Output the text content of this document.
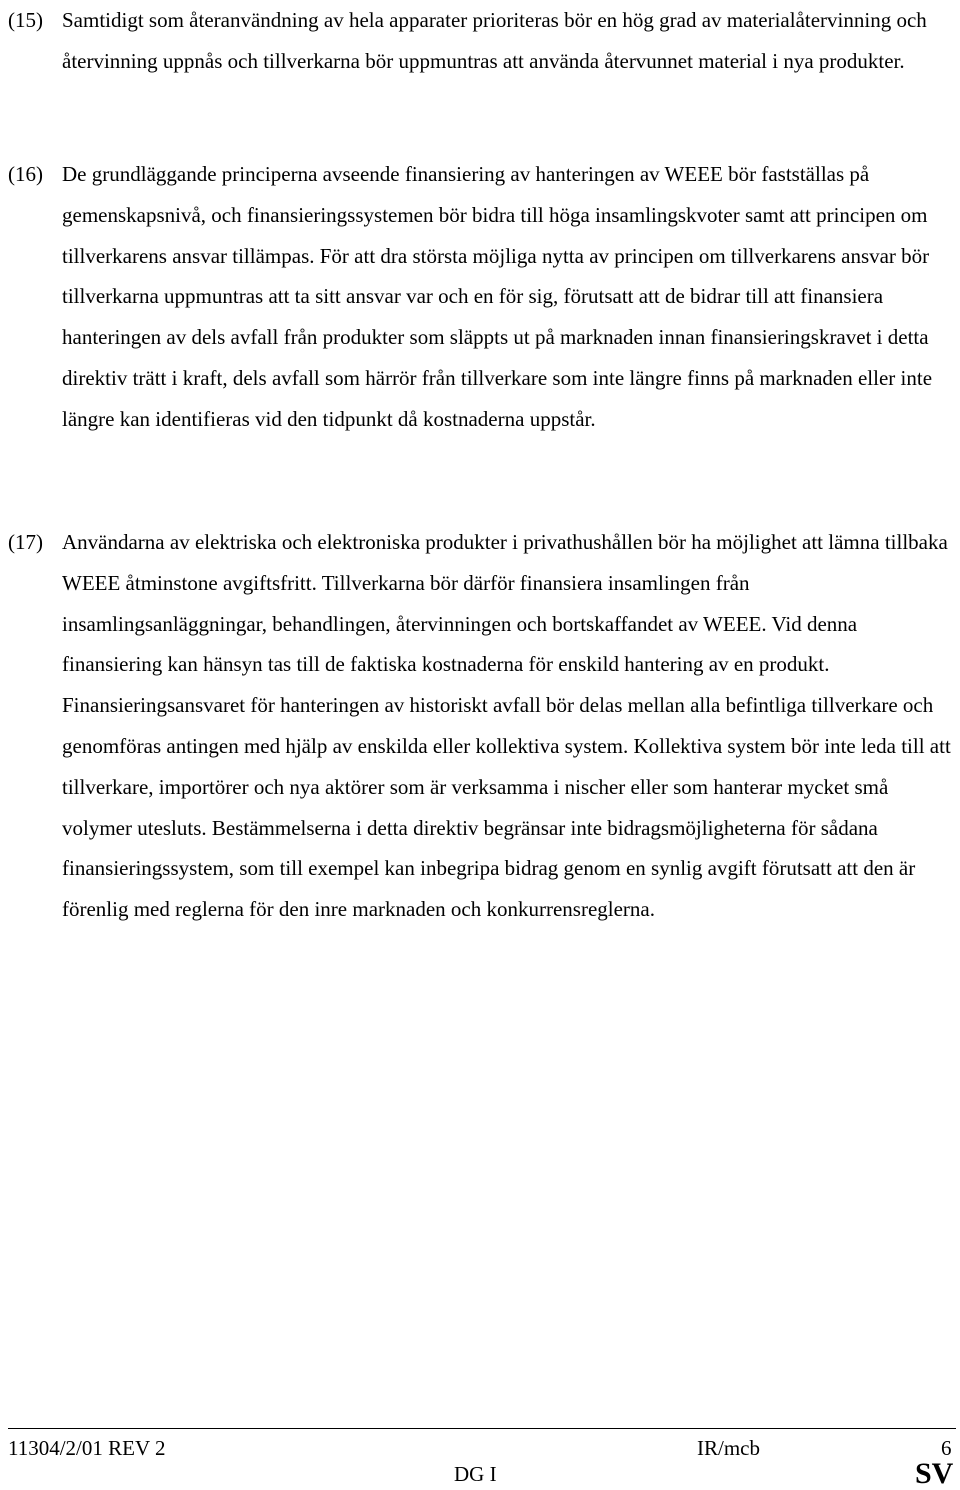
(15) Samtidigt som återanvändning av hela apparater prioriteras bör en hög grad av materialåtervinning och återvinning uppnås och tillverkarna bör uppmuntras att använda återvunnet material i nya produkter.
(16) De grundläggande principerna avseende finansiering av hanteringen av WEEE bör fastställas på gemenskapsnivå, och finansieringssystemen bör bidra till höga insamlingskvoter samt att principen om tillverkarens ansvar tillämpas. För att dra största möjliga nytta av principen om tillverkarens ansvar bör tillverkarna uppmuntras att ta sitt ansvar var och en för sig, förutsatt att de bidrar till att finansiera hanteringen av dels avfall från produkter som släppts ut på marknaden innan finansieringskravet i detta direktiv trätt i kraft, dels avfall som härrör från tillverkare som inte längre finns på marknaden eller inte längre kan identifieras vid den tidpunkt då kostnaderna uppstår.
(17) Användarna av elektriska och elektroniska produkter i privathushållen bör ha möjlighet att lämna tillbaka WEEE åtminstone avgiftsfritt. Tillverkarna bör därför finansiera insamlingen från insamlingsanläggningar, behandlingen, återvinningen och bortskaffandet av WEEE. Vid denna finansiering kan hänsyn tas till de faktiska kostnaderna för enskild hantering av en produkt. Finansieringsansvaret för hanteringen av historiskt avfall bör delas mellan alla befintliga tillverkare och genomföras antingen med hjälp av enskilda eller kollektiva system. Kollektiva system bör inte leda till att tillverkare, importörer och nya aktörer som är verksamma i nischer eller som hanterar mycket små volymer utesluts. Bestämmelserna i detta direktiv begränsar inte bidragsmöjligheterna för sådana finansieringssystem, som till exempel kan inbegripa bidrag genom en synlig avgift förutsatt att den är förenlig med reglerna för den inre marknaden och konkurrensreglerna.
11304/2/01 REV 2	IR/mcb	6
DG I	SV
